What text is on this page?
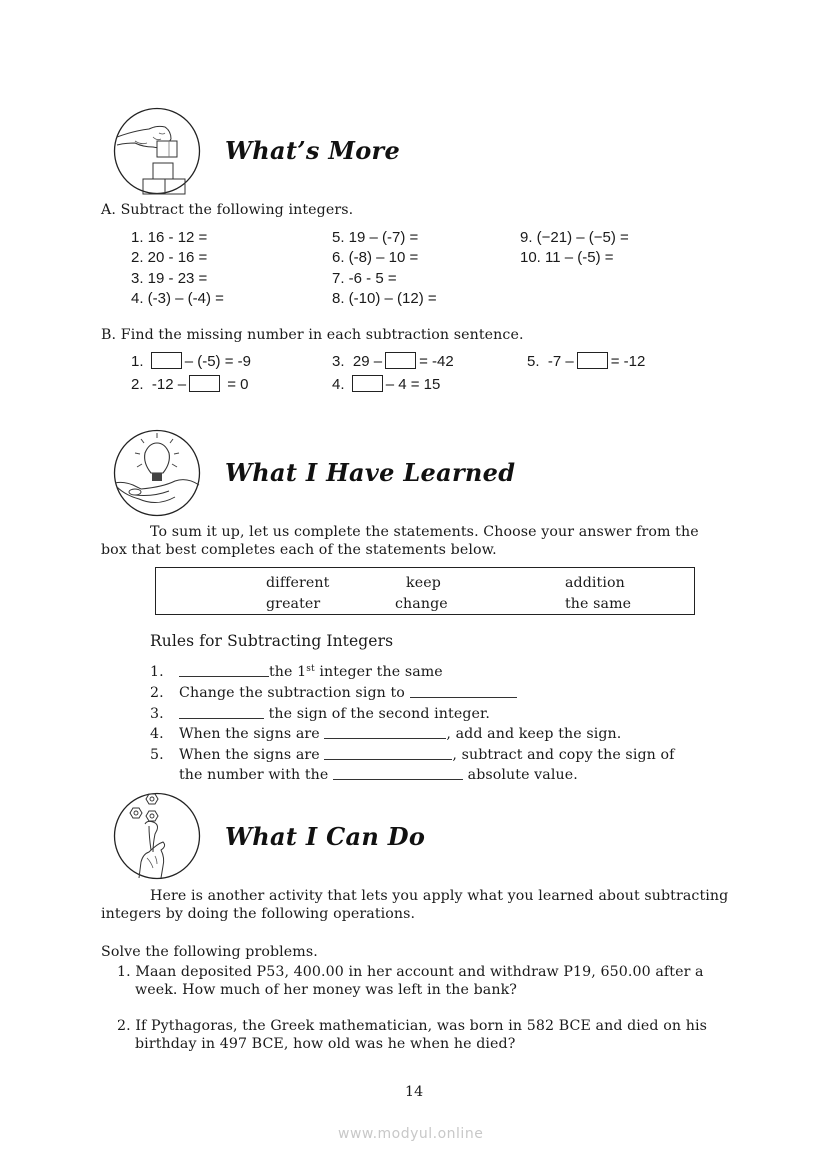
What’s More
A. Subtract the following integers.
1. 16 - 12 =
2. 20 - 16 =
3. 19 - 23 =
4. (-3) – (-4) =
5. 19 – (-7) =
6. (-8) – 10 =
7. -6 - 5 =
8. (-10) – (12) =
9. (−21) – (−5) =
10. 11 – (-5) =
B. Find the missing number in each subtraction sentence.
1.	– (-5) = -9
2. -12 –	= 0
3. 29 – = -42
4.	– 4 = 15
5. -7 – = -12
What I Have Learned
To sum it up, let us complete the statements. Choose your answer from the
box that best completes each of the statements below.
different	keep	addition
greater	change	the same
Rules for Subtracting Integers
1.	the 1st integer the same
2. Change the subtraction sign to
3.	the sign of the second integer.
4. When the signs are	, add and keep the sign.
5. When the signs are	, subtract and copy the sign of
the number with the	absolute value.
What I Can Do
Here is another activity that lets you apply what you learned about subtracting
integers by doing the following operations.
Solve the following problems.
1. Maan deposited P53, 400.00 in her account and withdraw P19, 650.00 after a
week. How much of her money was left in the bank?
2. If Pythagoras, the Greek mathematician, was born in 582 BCE and died on his
birthday in 497 BCE, how old was he when he died?
14
www.modyul.online
